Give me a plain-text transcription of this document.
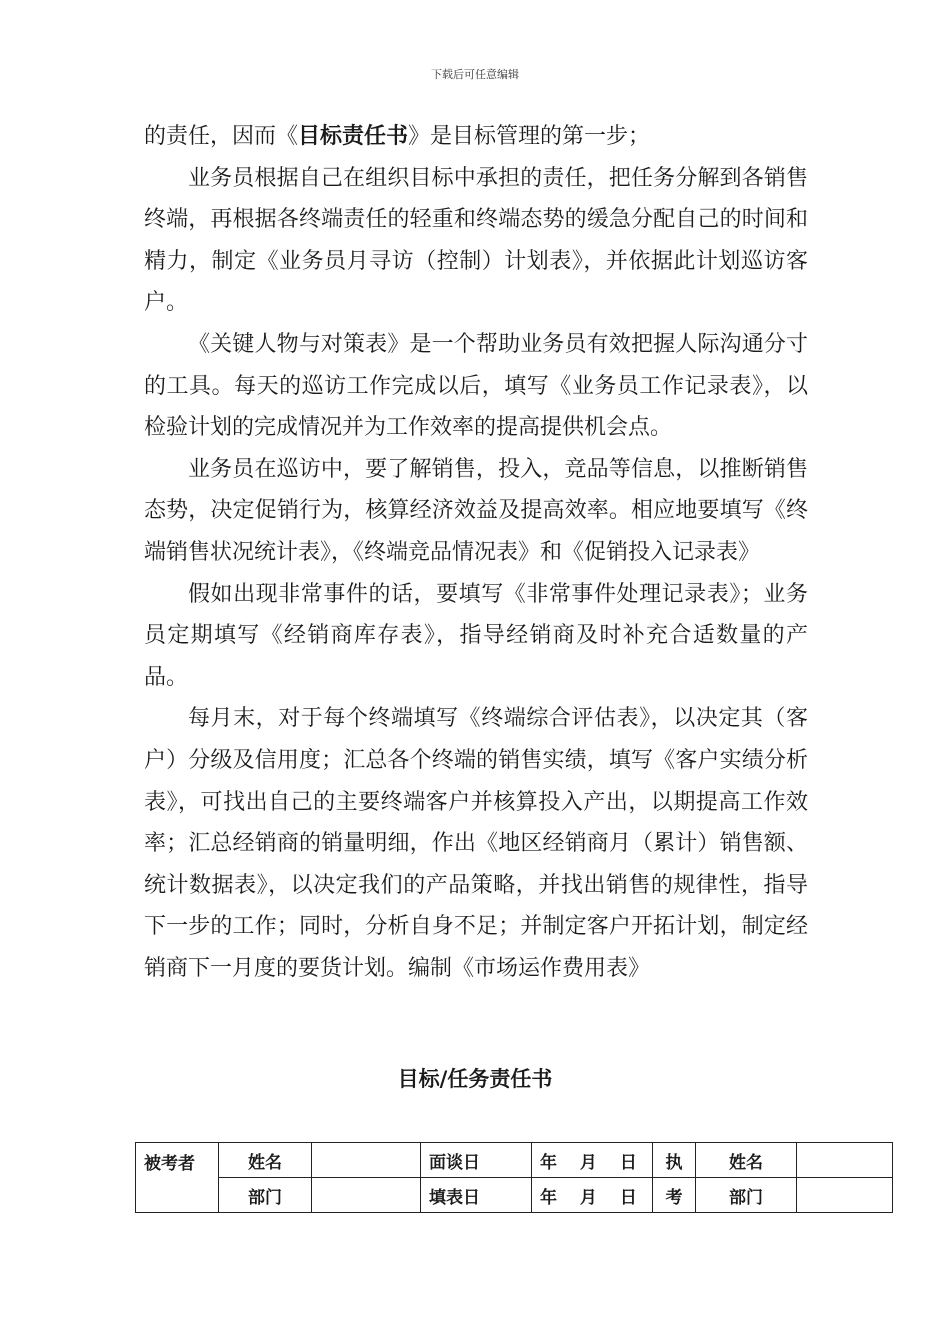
下载后可任意编辑

的责任，因而《目标责任书》是目标管理的第一步；

业务员根据自己在组织目标中承担的责任，把任务分解到各销售终端，再根据各终端责任的轻重和终端态势的缓急分配自己的时间和精力，制定《业务员月寻访（控制）计划表》，并依据此计划巡访客户。

《关键人物与对策表》是一个帮助业务员有效把握人际沟通分寸的工具。每天的巡访工作完成以后，填写《业务员工作记录表》，以检验计划的完成情况并为工作效率的提高提供机会点。

业务员在巡访中，要了解销售，投入，竞品等信息，以推断销售态势，决定促销行为，核算经济效益及提高效率。相应地要填写《终端销售状况统计表》，《终端竞品情况表》和《促销投入记录表》

假如出现非常事件的话，要填写《非常事件处理记录表》；业务员定期填写《经销商库存表》，指导经销商及时补充合适数量的产品。

每月末，对于每个终端填写《终端综合评估表》，以决定其（客户）分级及信用度；汇总各个终端的销售实绩，填写《客户实绩分析表》，可找出自己的主要终端客户并核算投入产出，以期提高工作效率；汇总经销商的销量明细，作出《地区经销商月（累计）销售额、统计数据表》，以决定我们的产品策略，并找出销售的规律性，指导下一步的工作；同时，分析自身不足；并制定客户开拓计划，制定经销商下一月度的要货计划。编制《市场运作费用表》

目标/任务责任书
被考者	姓名		面谈日	年　 月　 日	执	姓名	
	部门		填表日	年　 月　 日	考	部门	
